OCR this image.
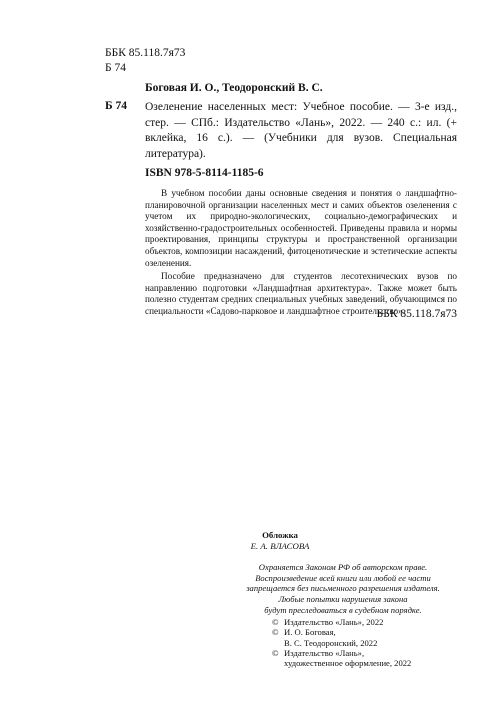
ББК 85.118.7я73
Б 74
Боговая И. О., Теодоронский В. С.
Б 74 Озеленение населенных мест: Учебное пособие. — 3-е изд., стер. — СПб.: Издательство «Лань», 2022. — 240 с.: ил. (+ вклейка, 16 с.). — (Учебники для вузов. Специальная литература).
ISBN 978-5-8114-1185-6

В учебном пособии даны основные сведения и понятия о ландшафтно-планировочной организации населенных мест и самих объектов озеленения с учетом их природно-экологических, социально-демографических и хозяйственно-градостроительных особенностей. Приведены правила и нормы проектирования, принципы структуры и пространственной организации объектов, композиции насаждений, фитоценотические и эстетические аспекты озеленения.

Пособие предназначено для студентов лесотехнических вузов по направлению подготовки «Ландшафтная архитектура». Также может быть полезно студентам средних специальных учебных заведений, обучающимся по специальности «Садово-парковое и ландшафтное строительство».

ББК 85.118.7я73
Обложка
Е. А. ВЛАСОВА
Охраняется Законом РФ об авторском праве.
Воспроизведение всей книги или любой ее части
запрещается без письменного разрешения издателя.
Любые попытки нарушения закона
будут преследоваться в судебном порядке.
© Издательство «Лань», 2022
© И. О. Боговая,
В. С. Теодоронский, 2022
© Издательство «Лань»,
художественное оформление, 2022
